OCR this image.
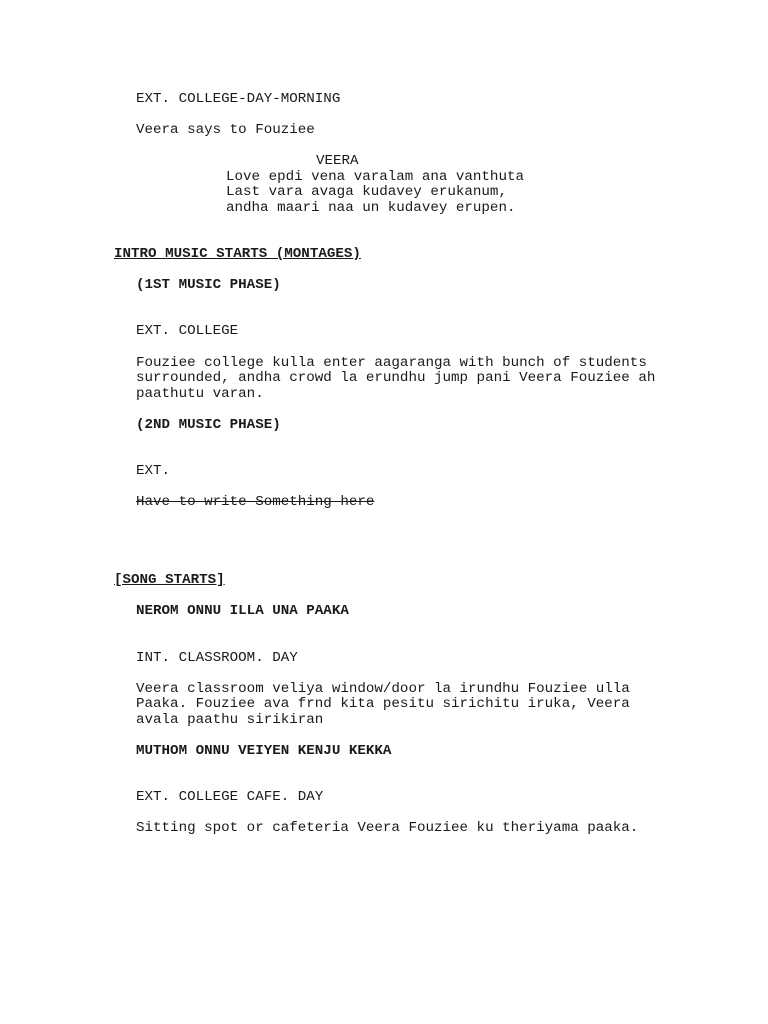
EXT. COLLEGE-DAY-MORNING

Veera says to Fouziee

VEERA

Love epdi vena varalam ana vanthuta

Last vara avaga kudavey erukanum,

andha maari naa un kudavey erupen.

INTRO MUSIC STARTS (MONTAGES)

(1ST MUSIC PHASE)

EXT. COLLEGE

Fouziee college kulla enter aagaranga with bunch of students

surrounded, andha crowd la erundhu jump pani Veera Fouziee ah

paathutu varan.

(2ND MUSIC PHASE)

EXT.

Have to write Something here

[SONG STARTS]

NEROM ONNU ILLA UNA PAAKA

INT. CLASSROOM. DAY

Veera classroom veliya window/door la irundhu Fouziee ulla

Paaka. Fouziee ava frnd kita pesitu sirichitu iruka, Veera

avala paathu sirikiran

MUTHOM ONNU VEIYEN KENJU KEKKA

EXT. COLLEGE CAFE. DAY

Sitting spot or cafeteria Veera Fouziee ku theriyama paaka.
